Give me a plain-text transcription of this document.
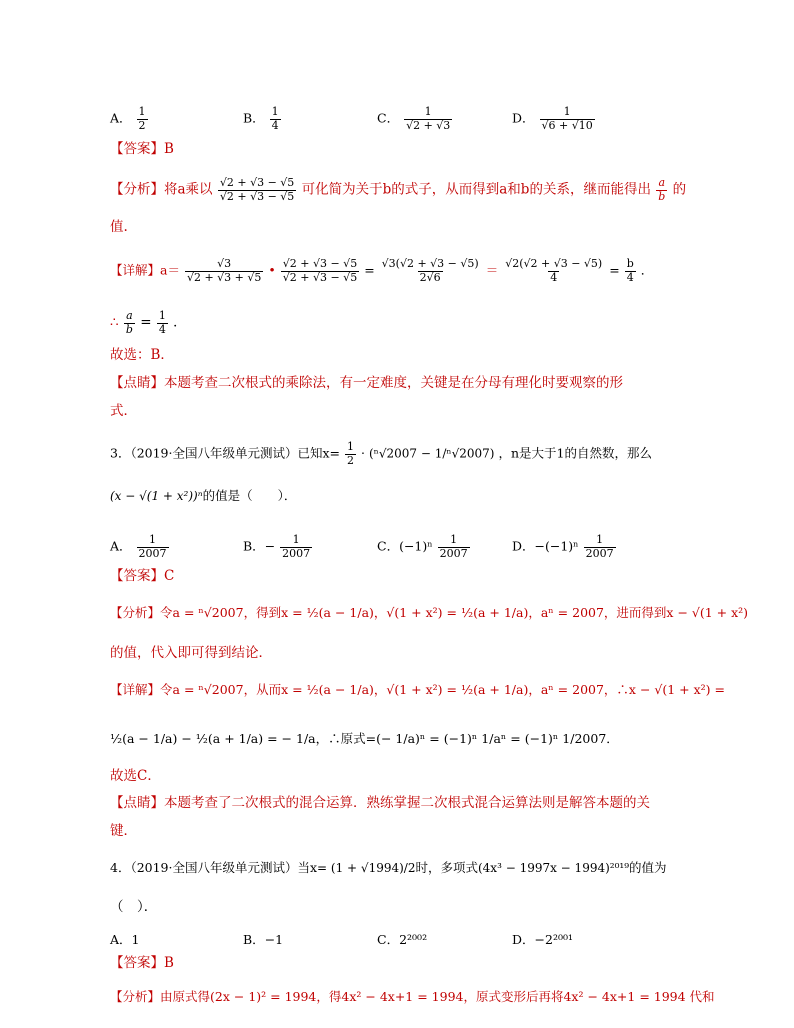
A． $\frac{1}{2}$	B． $\frac{1}{4}$	C． $\frac{1}{√2 + √3}$	D． $\frac{1}{√6 + √10}$
【答案】B
【分析】将a乘以 $\frac{√2 + √3 - √5}{√2 + √3 - √5}$ 可化简为关于b的式子，从而得到a和b的关系，继而能得出 $\frac{a}{b}$ 的
值.
【详解】$a= \frac{√3}{√2 + √3 + √5}$ • $\frac{√2 + √3 - √5}{√2 + √3 - √5} = \frac{√3(√2 + √3 - √5)}{2√6} = \frac{√2(√2 + √3 - √5)}{4} = \frac{b}{4}$ ．
∴ $\frac{a}{b} = \frac{1}{4}$ ．
故选：B．
【点睛】本题考查二次根式的乘除法，有一定难度，关键是在分母有理化时要观察的形
式．
3．（2019·全国八年级单元测试）已知$x= \frac{1}{2} \cdot (^n√2007 - 1/^n√2007)$ ，n是大于1的自然数，那么
(x − √(1 + x²))ⁿ的值是（　　）．
A． $\frac{1}{2007}$	B．− $\frac{1}{2007}$	C．$(-1)^n \frac{1}{2007}$	D．$-(-1)^n \frac{1}{2007}$
【答案】C
【分析】令a = ⁿ√2007，得到x = ½(a − 1/a)，√(1 + x²) = ½(a + 1/a)，aⁿ = 2007，进而得到x − √(1 + x²)
的值，代入即可得到结论．
【详解】令a = ⁿ√2007，从而x = ½(a − 1/a)，√(1 + x²) = ½(a + 1/a)，aⁿ = 2007，∴x − √(1 + x²) =
½(a − 1/a) − ½(a + 1/a) = − 1/a，∴原式=(− 1/a)ⁿ = (−1)ⁿ 1/aⁿ = (−1)ⁿ 1/2007．
故选C．
【点睛】本题考查了二次根式的混合运算．熟练掌握二次根式混合运算法则是解答本题的关
键．
4．（2019·全国八年级单元测试）当x= (1 + √1994)/2时，多项式(4x³ − 1997x − 1994)²⁰¹⁹的值为
（　）．
A．1	B．−1	C．2²⁰⁰²	D．−2²⁰⁰¹
【答案】B
【分析】由原式得(2x − 1)² = 1994，得4x² − 4x+1 = 1994，原式变形后再将4x² − 4x+1 = 1994 代和
